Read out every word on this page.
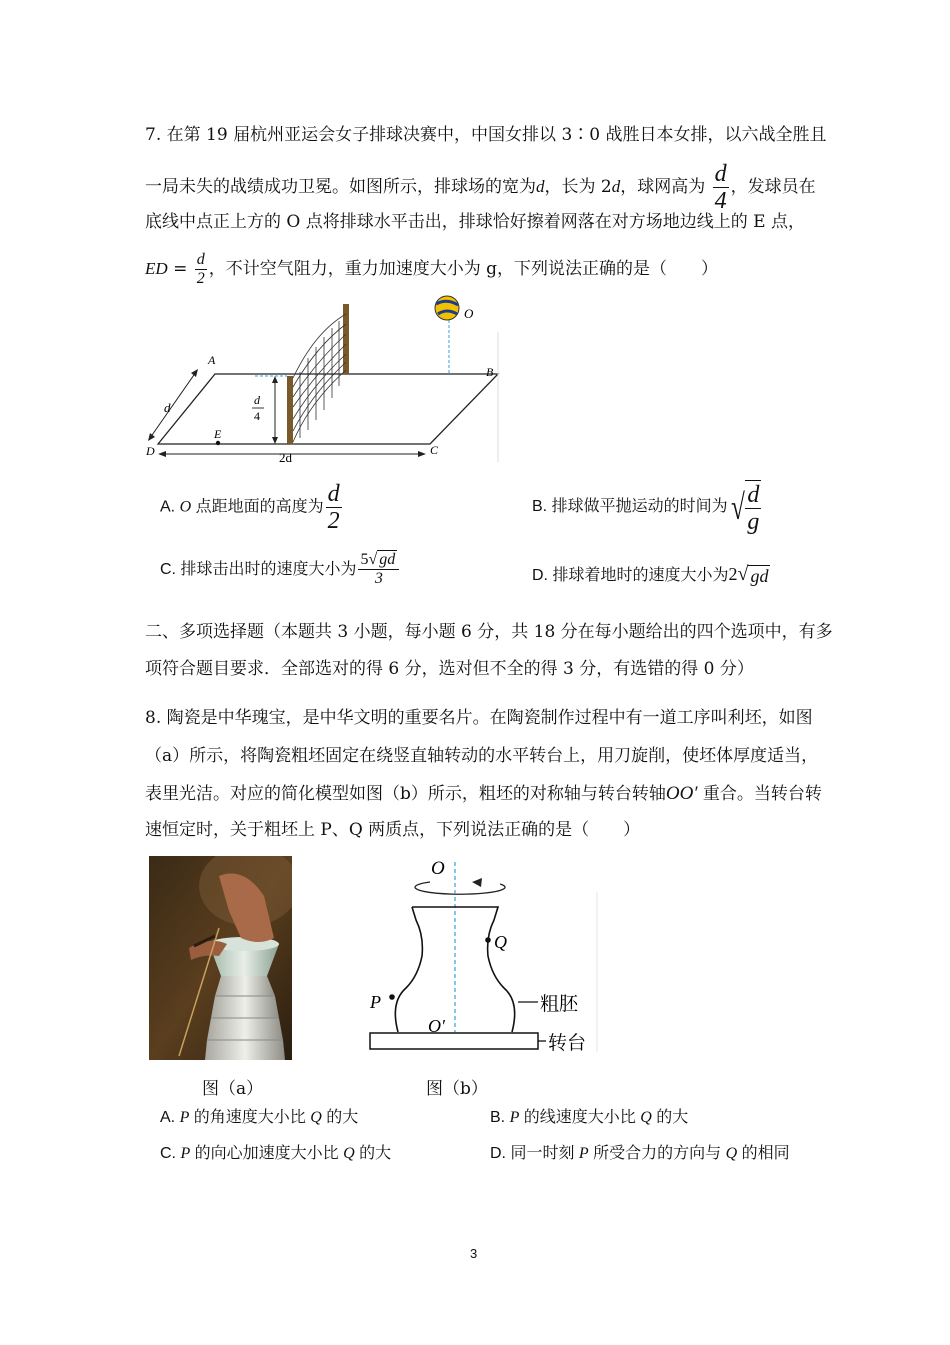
7. 在第 19 届杭州亚运会女子排球决赛中，中国女排以 3∶0 战胜日本女排，以六战全胜且
一局未失的战绩成功卫冕。如图所示，排球场的宽为d，长为 2d，球网高为 $\frac{d}{4}$ ，发球员在
底线中点正上方的 O 点将排球水平击出，排球恰好擦着网落在对方场地边线上的 E 点，
ED = $\frac{d}{2}$ ，不计空气阻力，重力加速度大小为 g，下列说法正确的是（　　）
O
d
4
d
2d
E
A
B
C
D
A. O 点距地面的高度为 $\frac{d}{2}$	B. 排球做平抛运动的时间为√ $\frac{d}{g}$
C. 排球击出时的速度大小为 $\frac{5√ gd}{3}$	D. 排球着地时的速度大小为2√ gd
二、多项选择题（本题共 3 小题，每小题 6 分，共 18 分在每小题给出的四个选项中，有多
项符合题目要求．全部选对的得 6 分，选对但不全的得 3 分，有选错的得 0 分）
8. 陶瓷是中华瑰宝，是中华文明的重要名片。在陶瓷制作过程中有一道工序叫利坯，如图
（a）所示，将陶瓷粗坯固定在绕竖直轴转动的水平转台上，用刀旋削，使坯体厚度适当，
表里光洁。对应的简化模型如图（b）所示，粗坯的对称轴与转台转轴OO′ 重合。当转台转
速恒定时，关于粗坯上 P、Q 两质点，下列说法正确的是（　　）
O
Q
P
O′
粗胚
转台
图（a）	图（b）
A. P 的角速度大小比 Q 的大	B. P 的线速度大小比 Q 的大
C. P 的向心加速度大小比 Q 的大	D. 同一时刻 P 所受合力的方向与 Q 的相同
3
